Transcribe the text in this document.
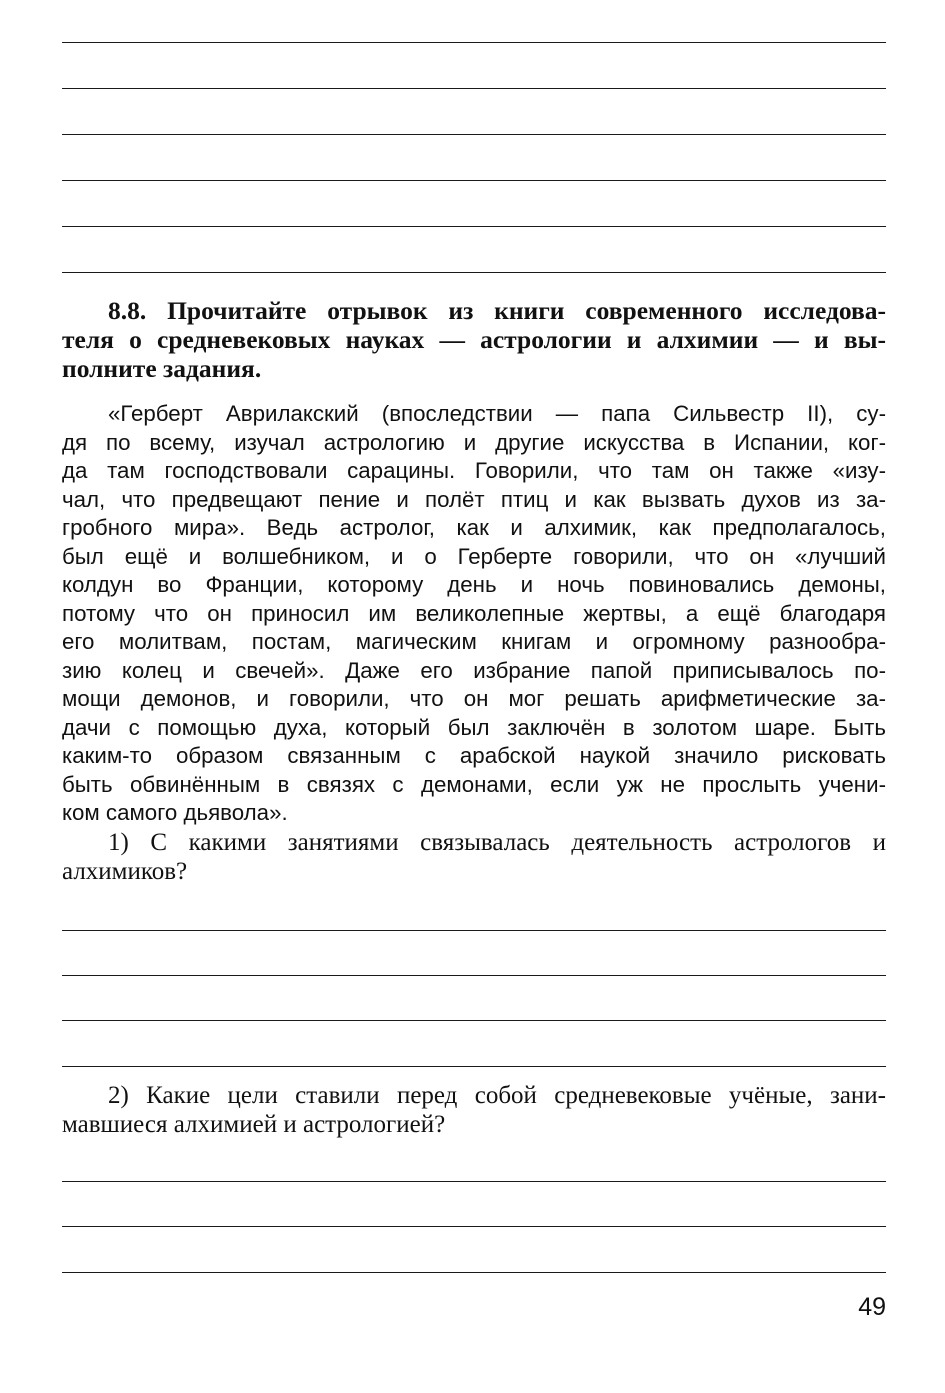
8.8. Прочитайте отрывок из книги современного исследова-
теля о средневековых науках — астрологии и алхимии — и вы-
полните задания.
«Герберт Аврилакский (впоследствии — папа Сильвестр II), су-
дя по всему, изучал астрологию и другие искусства в Испании, ког-
да там господствовали сарацины. Говорили, что там он также «изу-
чал, что предвещают пение и полёт птиц и как вызвать духов из за-
гробного мира». Ведь астролог, как и алхимик, как предполагалось,
был ещё и волшебником, и о Герберте говорили, что он «лучший
колдун во Франции, которому день и ночь повиновались демоны,
потому что он приносил им великолепные жертвы, а ещё благодаря
его молитвам, постам, магическим книгам и огромному разнообра-
зию колец и свечей». Даже его избрание папой приписывалось по-
мощи демонов, и говорили, что он мог решать арифметические за-
дачи с помощью духа, который был заключён в золотом шаре. Быть
каким-то образом связанным с арабской наукой значило рисковать
быть обвинённым в связях с демонами, если уж не прослыть учени-
ком самого дьявола».
1) С какими занятиями связывалась деятельность астрологов и
алхимиков?
2) Какие цели ставили перед собой средневековые учёные, зани-
мавшиеся алхимией и астрологией?
49
